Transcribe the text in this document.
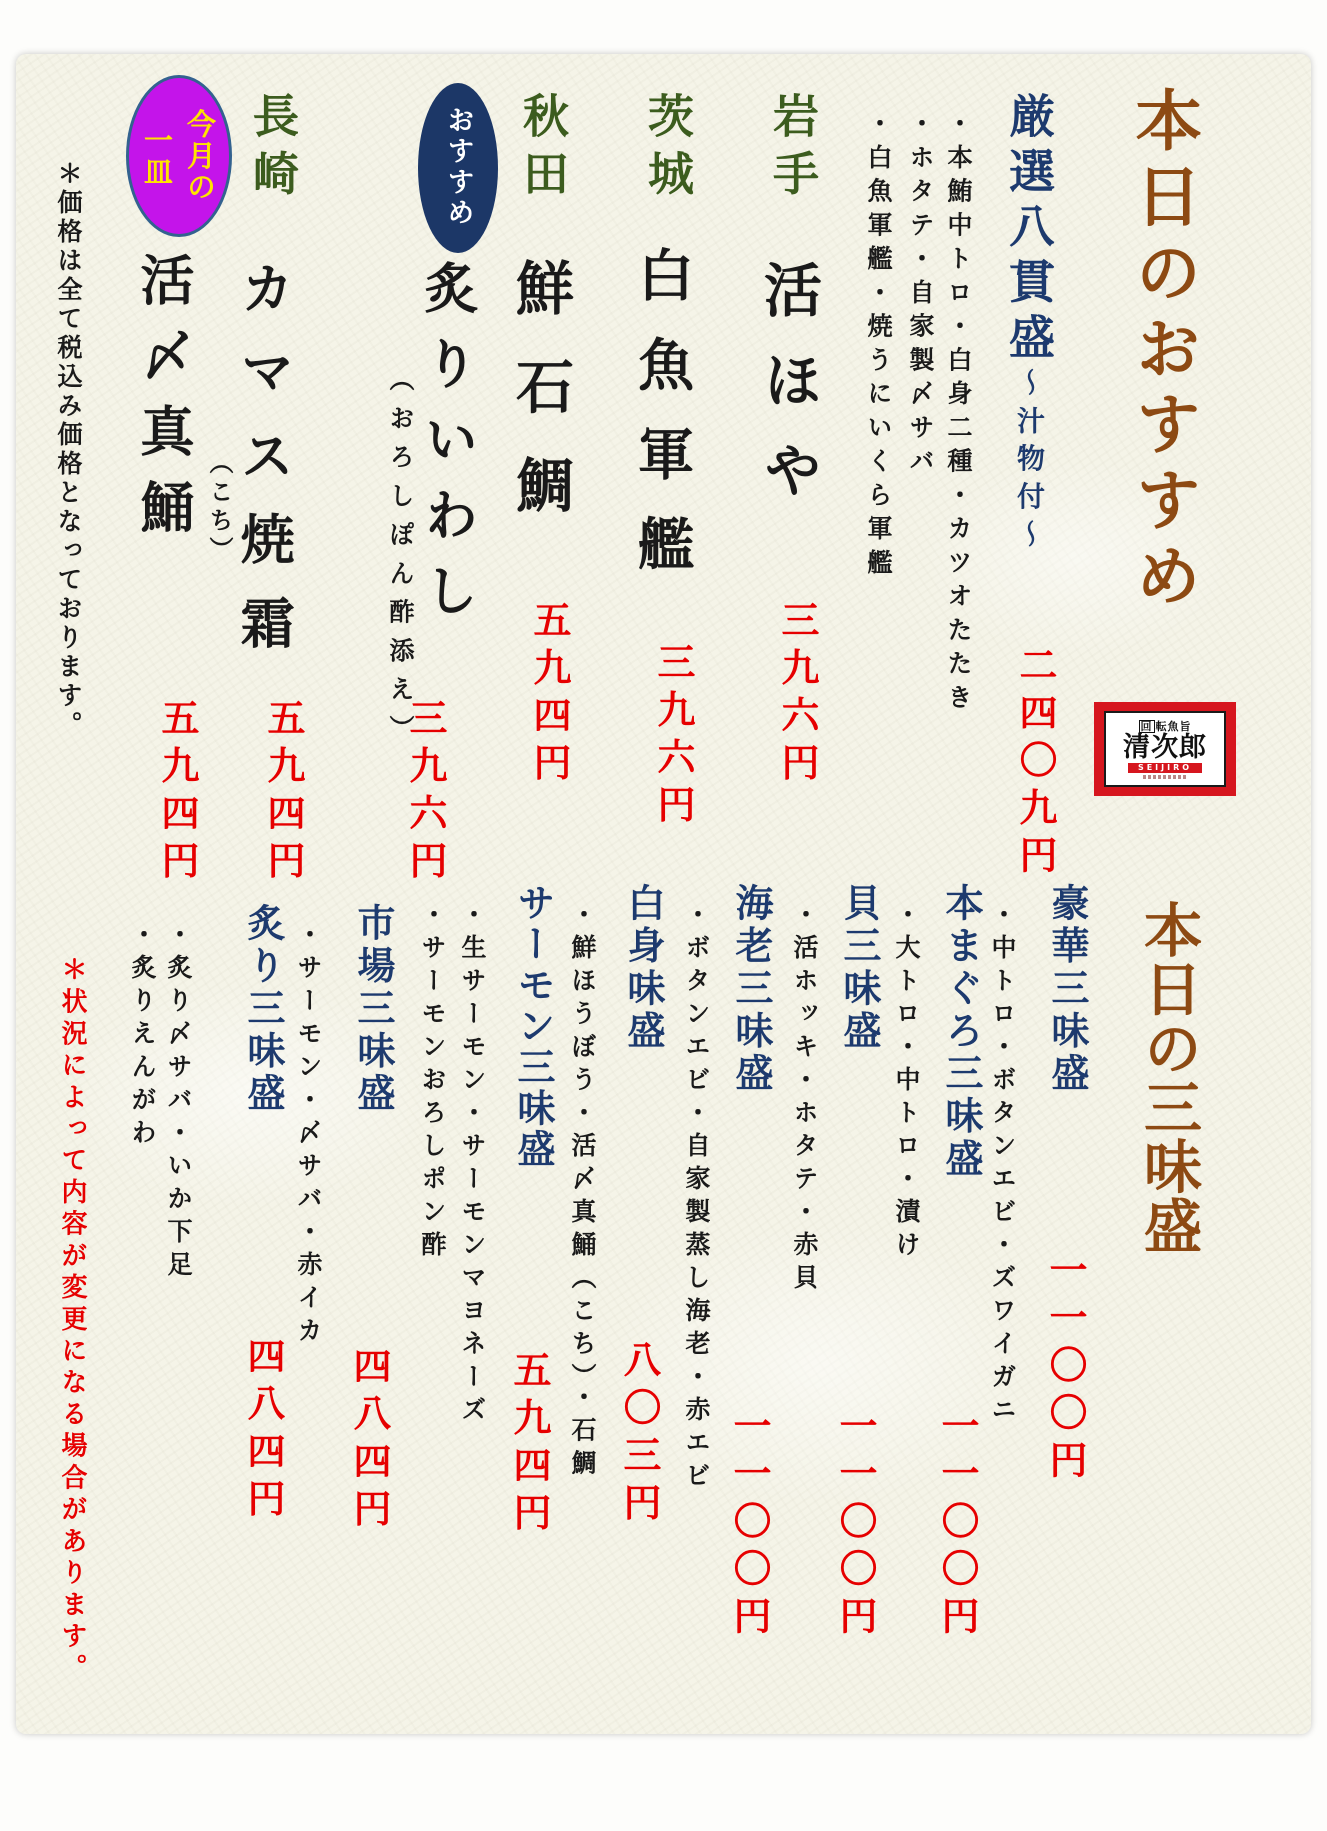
本日のおすすめ
回 転魚旨
清次郎
SEIJIRO
厳選八貫盛～汁物付～
・本鮪中トロ・白身二種・カツオたたき
・ホタテ・自家製〆サバ
・白魚軍艦・焼うにいくら軍艦
二四〇九円
岩手
活ほや
三九六円
茨城
白魚軍艦
三九六円
秋田
鮮石鯛
五九四円
おすすめ
炙りいわし
（おろしぽん酢添え）
三九六円
長崎
カマス焼霜
五九四円
今月の
一皿
活〆真鯒 （こち）
五九四円
＊価格は全て税込み価格となっております。
本日の三味盛
豪華三味盛
・中トロ・ボタンエビ・ズワイガニ 一一〇〇円
本まぐろ三味盛
・大トロ・中トロ・漬け
一一〇〇円
貝三味盛
・活ホッキ・ホタテ・赤貝
一一〇〇円
海老三味盛
・ボタンエビ・自家製蒸し海老・赤エビ
一一〇〇円
白身味盛
・鮮ほうぼう・活〆真鯒（こち）・石鯛 八〇三円
サーモン三味盛
・生サーモン・サーモンマヨネーズ
・サーモンおろしポン酢
五九四円
市場三味盛
・サーモン・〆サバ・赤イカ
四八四円
炙り三味盛
・炙り〆サバ・いか下足
・炙りえんがわ
四八四円
＊状況によって内容が変更になる場合があります。
